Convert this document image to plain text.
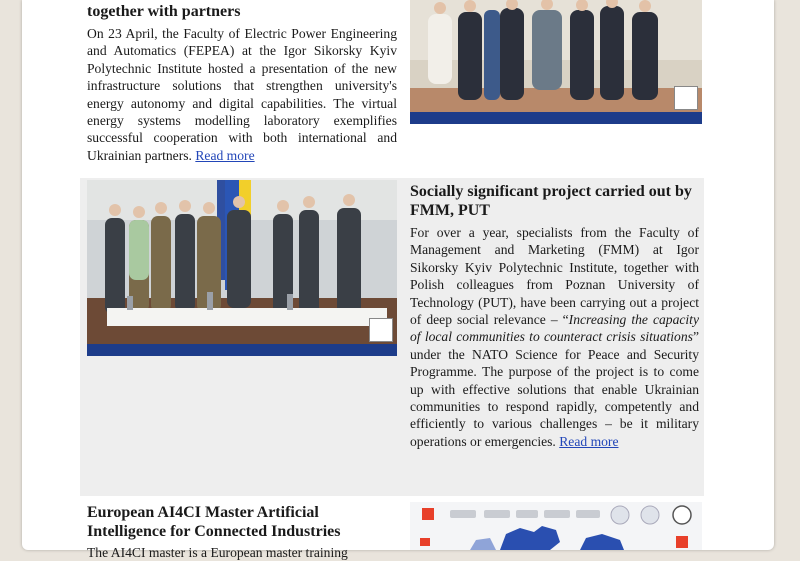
together with partners

On 23 April, the Faculty of Electric Power Engineering and Automatics (FEPEA) at the Igor Sikorsky Kyiv Polytechnic Institute hosted a presentation of the new infrastructure solutions that strengthen university's energy autonomy and digital capabilities. The virtual energy systems modelling laboratory exemplifies successful cooperation with both international and Ukrainian partners. Read more

Socially significant project carried out by FMM, PUT

For over a year, specialists from the Faculty of Management and Marketing (FMM) at Igor Sikorsky Kyiv Polytechnic Institute, together with Polish colleagues from Poznan University of Technology (PUT), have been carrying out a project of deep social relevance – “Increasing the capacity of local communities to counteract crisis situations” under the NATO Science for Peace and Security Programme. The purpose of the project is to come up with effective solutions that enable Ukrainian communities to respond rapidly, competently and efficiently to various challenges – be it military operations or emergencies. Read more

European AI4CI Master Artificial Intelligence for Connected Industries

The AI4CI master is a European master training
